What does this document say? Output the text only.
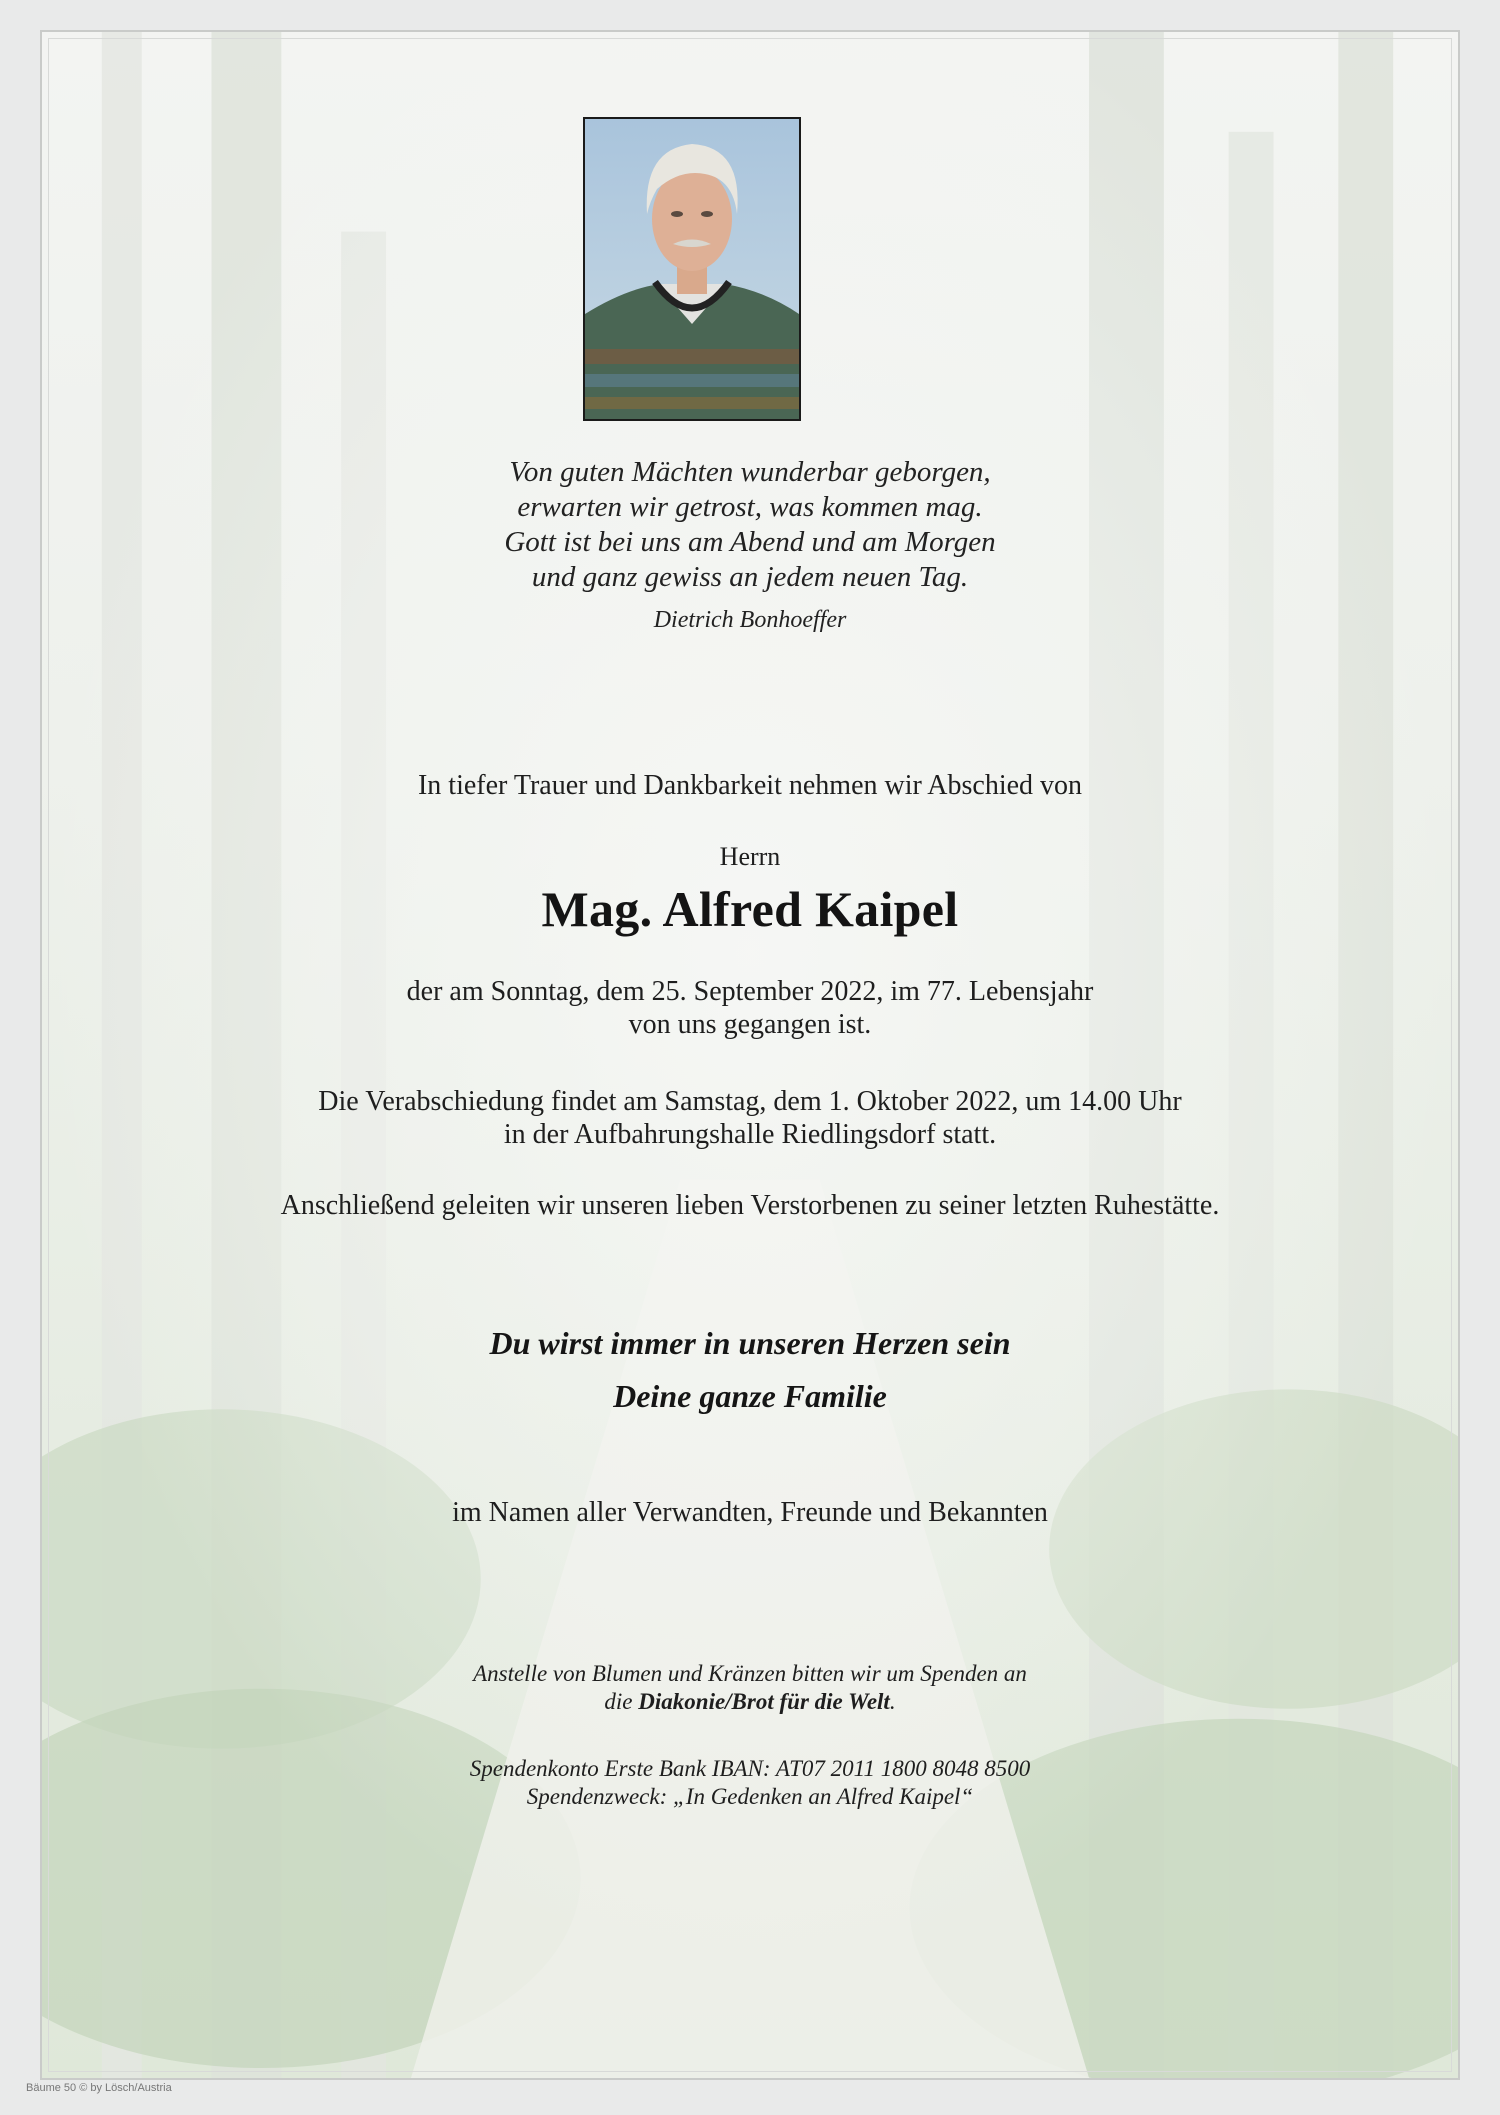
Von guten Mächten wunderbar geborgen,
erwarten wir getrost, was kommen mag.
Gott ist bei uns am Abend und am Morgen
und ganz gewiss an jedem neuen Tag.
Dietrich Bonhoeffer
In tiefer Trauer und Dankbarkeit nehmen wir Abschied von
Herrn
Mag. Alfred Kaipel
der am Sonntag, dem 25. September 2022, im 77. Lebensjahr
von uns gegangen ist.
Die Verabschiedung findet am Samstag, dem 1. Oktober 2022, um 14.00 Uhr
in der Aufbahrungshalle Riedlingsdorf statt.
Anschließend geleiten wir unseren lieben Verstorbenen zu seiner letzten Ruhestätte.
Du wirst immer in unseren Herzen sein
Deine ganze Familie
im Namen aller Verwandten, Freunde und Bekannten
Anstelle von Blumen und Kränzen bitten wir um Spenden an
die Diakonie/Brot für die Welt.
Spendenkonto Erste Bank IBAN: AT07 2011 1800 8048 8500
Spendenzweck: „In Gedenken an Alfred Kaipel“
Bäume 50 © by Lösch/Austria
